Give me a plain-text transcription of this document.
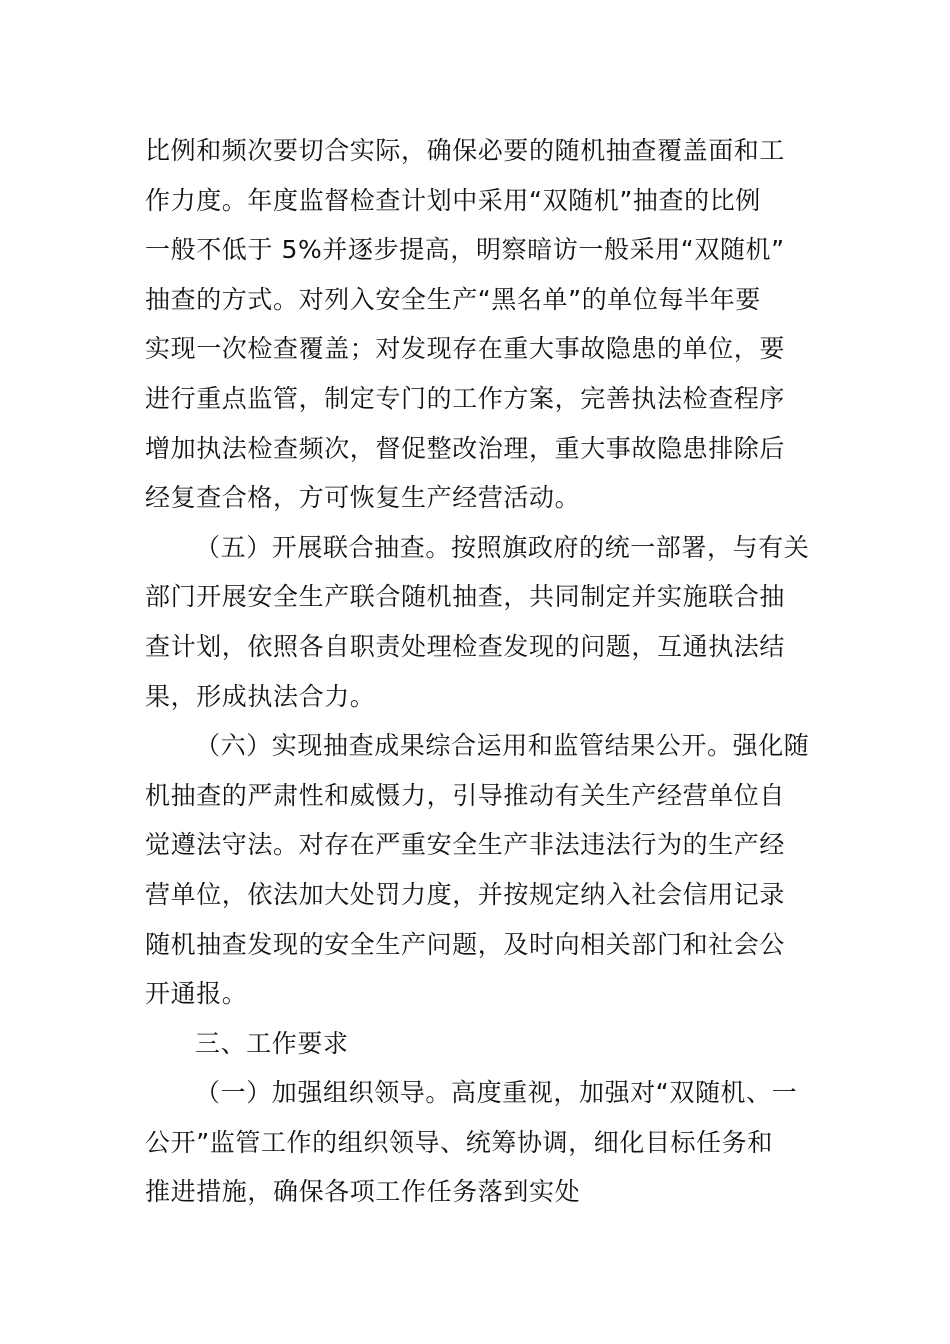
比例和频次要切合实际，确保必要的随机抽查覆盖面和工
作力度。年度监督检查计划中采用“双随机”抽查的比例
一般不低于 5%并逐步提高，明察暗访一般采用“双随机”
抽查的方式。对列入安全生产“黑名单”的单位每半年要
实现一次检查覆盖；对发现存在重大事故隐患的单位，要
进行重点监管，制定专门的工作方案，完善执法检查程序
增加执法检查频次，督促整改治理，重大事故隐患排除后
经复查合格，方可恢复生产经营活动。
（五）开展联合抽查。按照旗政府的统一部署，与有关
部门开展安全生产联合随机抽查，共同制定并实施联合抽
查计划，依照各自职责处理检查发现的问题，互通执法结
果，形成执法合力。
（六）实现抽查成果综合运用和监管结果公开。强化随
机抽查的严肃性和威慑力，引导推动有关生产经营单位自
觉遵法守法。对存在严重安全生产非法违法行为的生产经
营单位，依法加大处罚力度，并按规定纳入社会信用记录
随机抽查发现的安全生产问题，及时向相关部门和社会公
开通报。
三、工作要求
（一）加强组织领导。高度重视，加强对“双随机、一
公开”监管工作的组织领导、统筹协调，细化目标任务和
推进措施，确保各项工作任务落到实处
